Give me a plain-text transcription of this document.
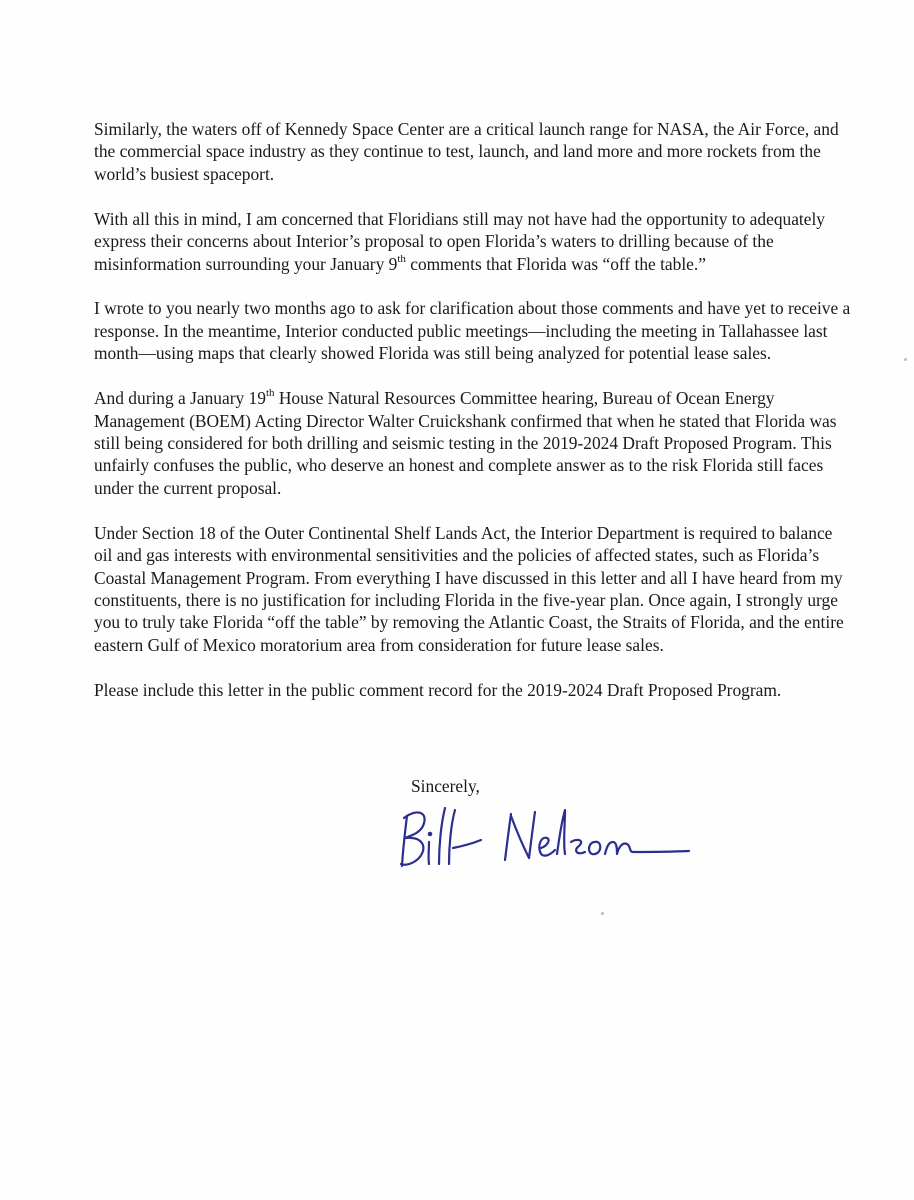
Similarly, the waters off of Kennedy Space Center are a critical launch range for NASA, the Air Force, and the commercial space industry as they continue to test, launch, and land more and more rockets from the world’s busiest spaceport.

With all this in mind, I am concerned that Floridians still may not have had the opportunity to adequately express their concerns about Interior’s proposal to open Florida’s waters to drilling because of the misinformation surrounding your January 9th comments that Florida was “off the table.”

I wrote to you nearly two months ago to ask for clarification about those comments and have yet to receive a response. In the meantime, Interior conducted public meetings—including the meeting in Tallahassee last month—using maps that clearly showed Florida was still being analyzed for potential lease sales.

And during a January 19th House Natural Resources Committee hearing, Bureau of Ocean Energy Management (BOEM) Acting Director Walter Cruickshank confirmed that when he stated that Florida was still being considered for both drilling and seismic testing in the 2019-2024 Draft Proposed Program. This unfairly confuses the public, who deserve an honest and complete answer as to the risk Florida still faces under the current proposal.

Under Section 18 of the Outer Continental Shelf Lands Act, the Interior Department is required to balance oil and gas interests with environmental sensitivities and the policies of affected states, such as Florida’s Coastal Management Program. From everything I have discussed in this letter and all I have heard from my constituents, there is no justification for including Florida in the five-year plan. Once again, I strongly urge you to truly take Florida “off the table” by removing the Atlantic Coast, the Straits of Florida, and the entire eastern Gulf of Mexico moratorium area from consideration for future lease sales.

Please include this letter in the public comment record for the 2019-2024 Draft Proposed Program.

Sincerely,
